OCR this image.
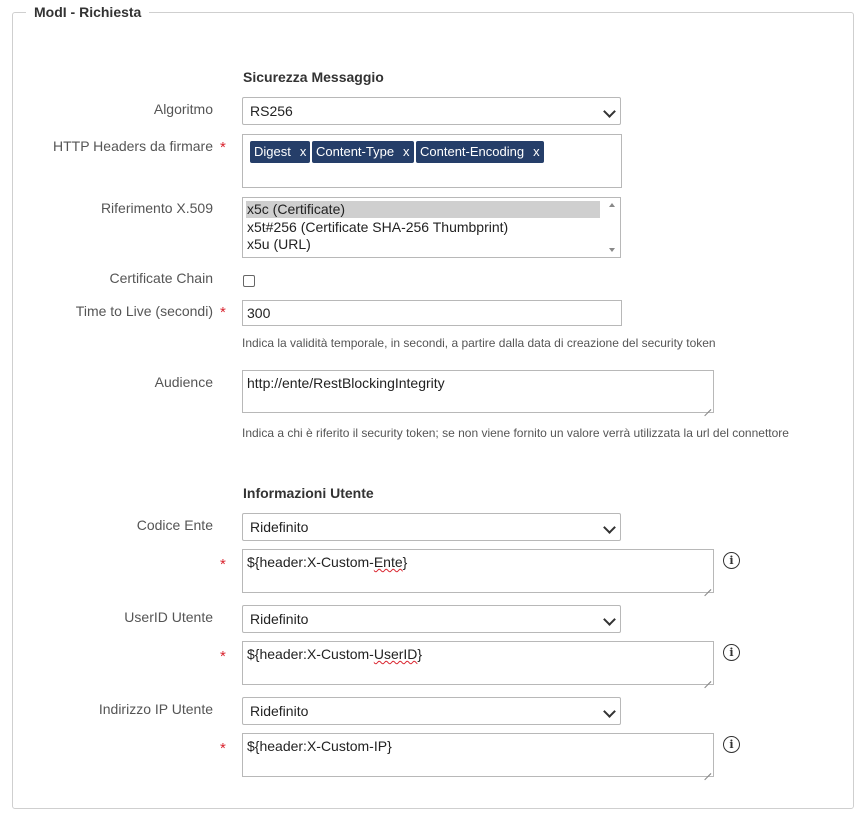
ModI - Richiesta
Sicurezza Messaggio
Algoritmo	RS256
HTTP Headers da firmare *	Digest x Content-Type x Content-Encoding x
Riferimento X.509 x5c (Certificate)
x5t#256 (Certificate SHA-256 Thumbprint)
x5u (URL)
Certificate Chain
Time to Live (secondi) *	300
Indica la validità temporale, in secondi, a partire dalla data di creazione del security token
Audience	http://ente/RestBlockingIntegrity
Indica a chi è riferito il security token; se non viene fornito un valore verrà utilizzata la url del connettore
Informazioni Utente
Codice Ente	Ridefinito
*	${header:X-Custom-Ente}	i
UserID Utente	Ridefinito
*	${header:X-Custom-UserID}	i
Indirizzo IP Utente	Ridefinito
*	${header:X-Custom-IP}	i
